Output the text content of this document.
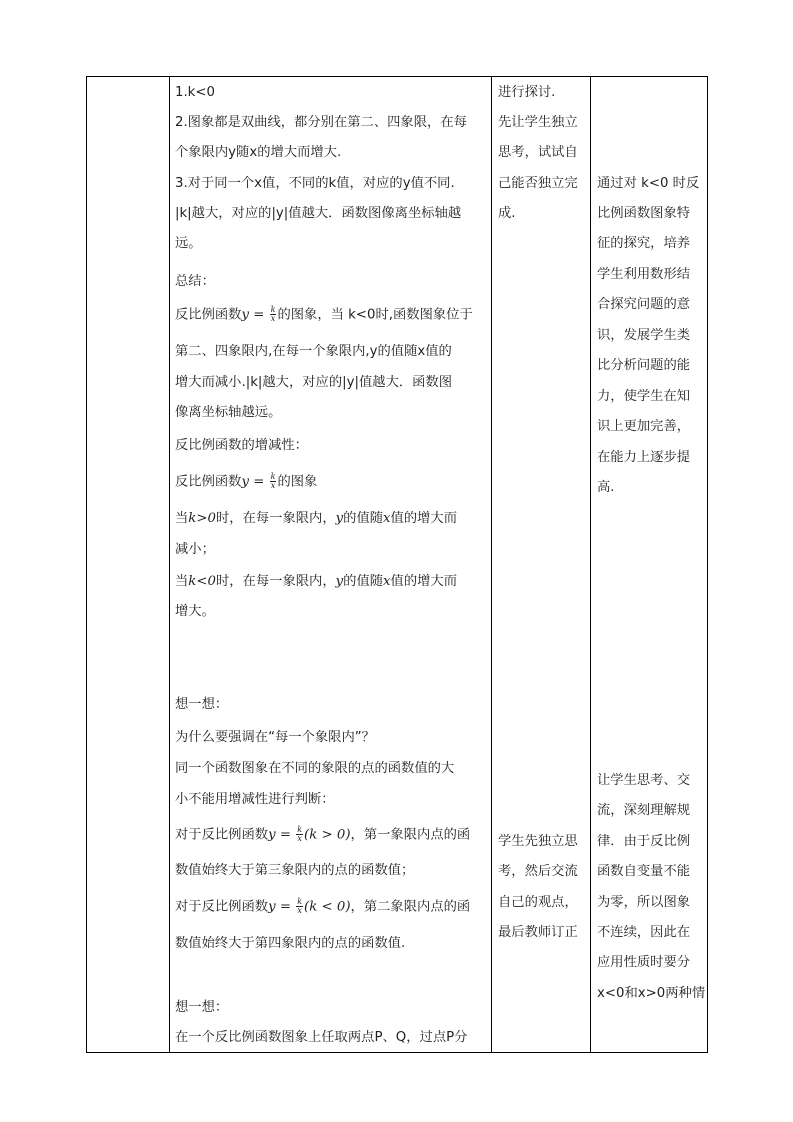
1.k<0
2.图象都是双曲线，都分别在第二、四象限，在每
个象限内y随x的增大而增大.
3.对于同一个x值，不同的k值，对应的y值不同.
|k|越大，对应的|y|值越大．函数图像离坐标轴越
远。
总结：
反比例函数$y = \frac{k}{x}$ 的图象，当 k<0时,函数图象位于
第二、四象限内,在每一个象限内,y的值随x值的
增大而减小.|k|越大，对应的|y|值越大．函数图
像离坐标轴越远。
反比例函数的增减性：
反比例函数$y = \frac{k}{x}$ 的图象
当k>0时，在每一象限内，y的值随x值的增大而
减小；
当k<0时，在每一象限内，y的值随x值的增大而
增大。
想一想：
为什么要强调在“每一个象限内”？
同一个函数图象在不同的象限的点的函数值的大
小不能用增减性进行判断：
对于反比例函数$y = \frac{k}{x} (k > 0)$，第一象限内点的函
数值始终大于第三象限内的点的函数值；
对于反比例函数$y = \frac{k}{x} (k < 0)$，第二象限内点的函
数值始终大于第四象限内的点的函数值.
想一想：
在一个反比例函数图象上任取两点P、Q，过点P分
进行探讨.
先让学生独立
思考，试试自
己能否独立完
成.
学生先独立思
考，然后交流
自己的观点，
最后教师订正
通过对 k<0 时反
比例函数图象特
征的探究，培养
学生利用数形结
合探究问题的意
识，发展学生类
比分析问题的能
力，使学生在知
识上更加完善，
在能力上逐步提
高.
让学生思考、交
流，深刻理解规
律．由于反比例
函数自变量不能
为零，所以图象
不连续，因此在
应用性质时要分
x<0和x>0两种情
